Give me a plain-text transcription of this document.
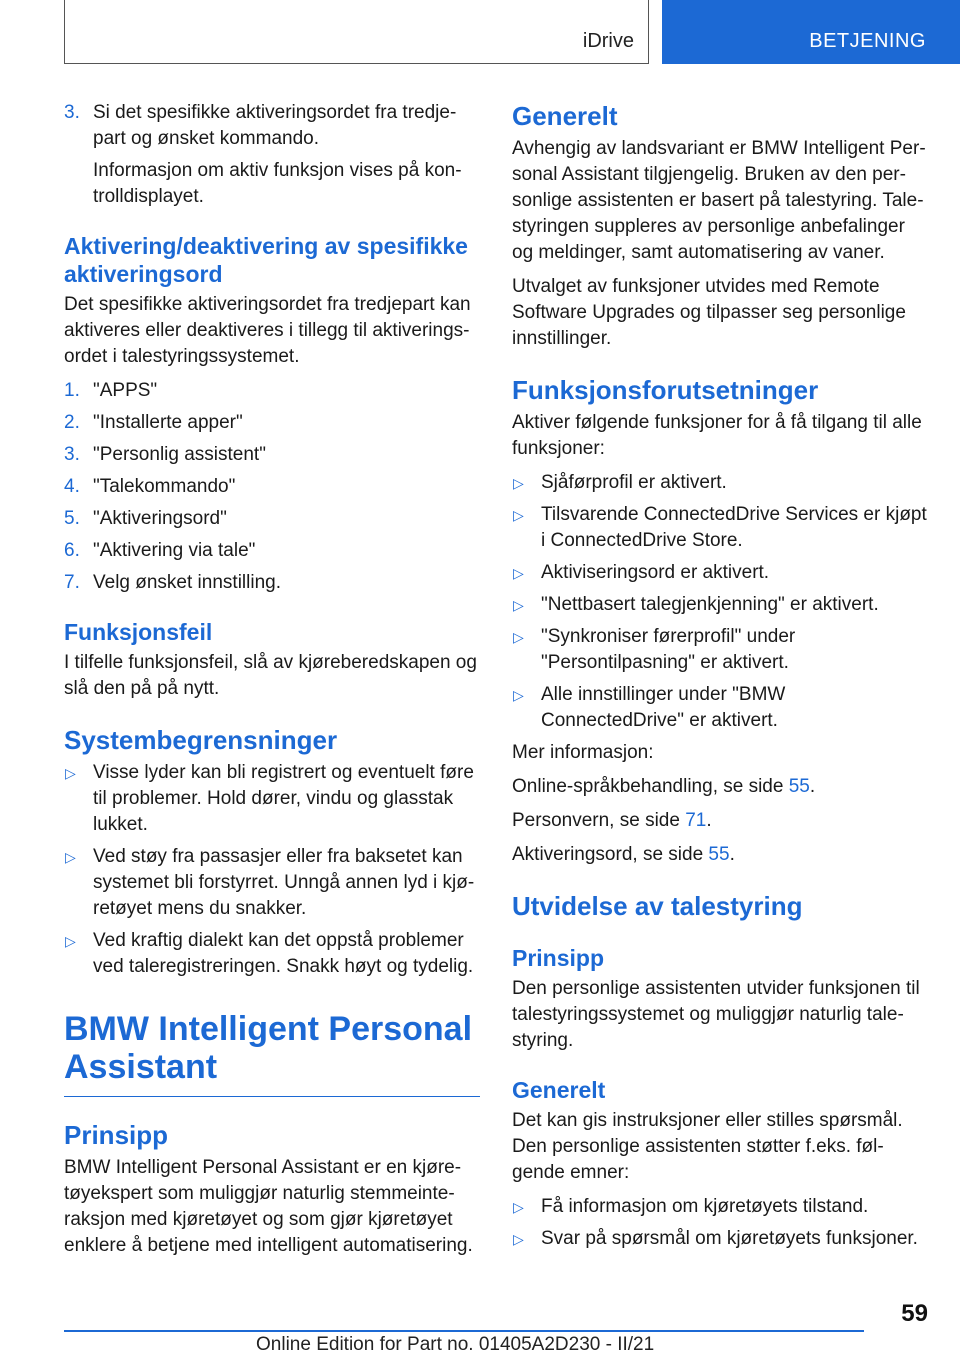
iDrive	BETJENING
3. Si det spesifikke aktiveringsordet fra tredjepart og ønsket kommando.
Informasjon om aktiv funksjon vises på kontrolldisplayet.
Aktivering/deaktivering av spesifikke aktiveringsord

Det spesifikke aktiveringsordet fra tredjepart kan aktiveres eller deaktiveres i tillegg til aktiveringsordet i talestyringssystemet.

1. "APPS"
2. "Installerte apper"
3. "Personlig assistent"
4. "Talekommando"
5. "Aktiveringsord"
6. "Aktivering via tale"
7. Velg ønsket innstilling.
Funksjonsfeil

I tilfelle funksjonsfeil, slå av kjøreberedskapen og slå den på på nytt.

Systembegrensninger
▷ Visse lyder kan bli registrert og eventuelt føre til problemer. Hold dører, vindu og glasstak lukket.
▷ Ved støy fra passasjer eller fra baksetet kan systemet bli forstyrret. Unngå annen lyd i kjøretøyet mens du snakker.
▷ Ved kraftig dialekt kan det oppstå problemer ved taleregistreringen. Snakk høyt og tydelig.
BMW Intelligent Personal Assistant
Prinsipp

BMW Intelligent Personal Assistant er en kjøretøyekspert som muliggjør naturlig stemmeinteraksjon med kjøretøyet og som gjør kjøretøyet enklere å betjene med intelligent automatisering.

Generelt

Avhengig av landsvariant er BMW Intelligent Personal Assistant tilgjengelig. Bruken av den personlige assistenten er basert på talestyring. Talestyringen suppleres av personlige anbefalinger og meldinger, samt automatisering av vaner.

Utvalget av funksjoner utvides med Remote Software Upgrades og tilpasser seg personlige innstillinger.

Funksjonsforutsetninger

Aktiver følgende funksjoner for å få tilgang til alle funksjoner:

▷ Sjåførprofil er aktivert.
▷ Tilsvarende ConnectedDrive Services er kjøpt i ConnectedDrive Store.
▷ Aktiviseringsord er aktivert.
▷ "Nettbasert talegjenkjenning" er aktivert.
▷ "Synkroniser førerprofil" under "Persontilpasning" er aktivert.
▷ Alle innstillinger under "BMW ConnectedDrive" er aktivert.

Mer informasjon:

Online-språkbehandling, se side 55.

Personvern, se side 71.

Aktiveringsord, se side 55.

Utvidelse av talestyring
Prinsipp

Den personlige assistenten utvider funksjonen til talestyringssystemet og muliggjør naturlig talestyring.

Generelt

Det kan gis instruksjoner eller stilles spørsmål. Den personlige assistenten støtter f.eks. følgende emner:

▷ Få informasjon om kjøretøyets tilstand.
▷ Svar på spørsmål om kjøretøyets funksjoner.
59
Online Edition for Part no. 01405A2D230 - II/21
